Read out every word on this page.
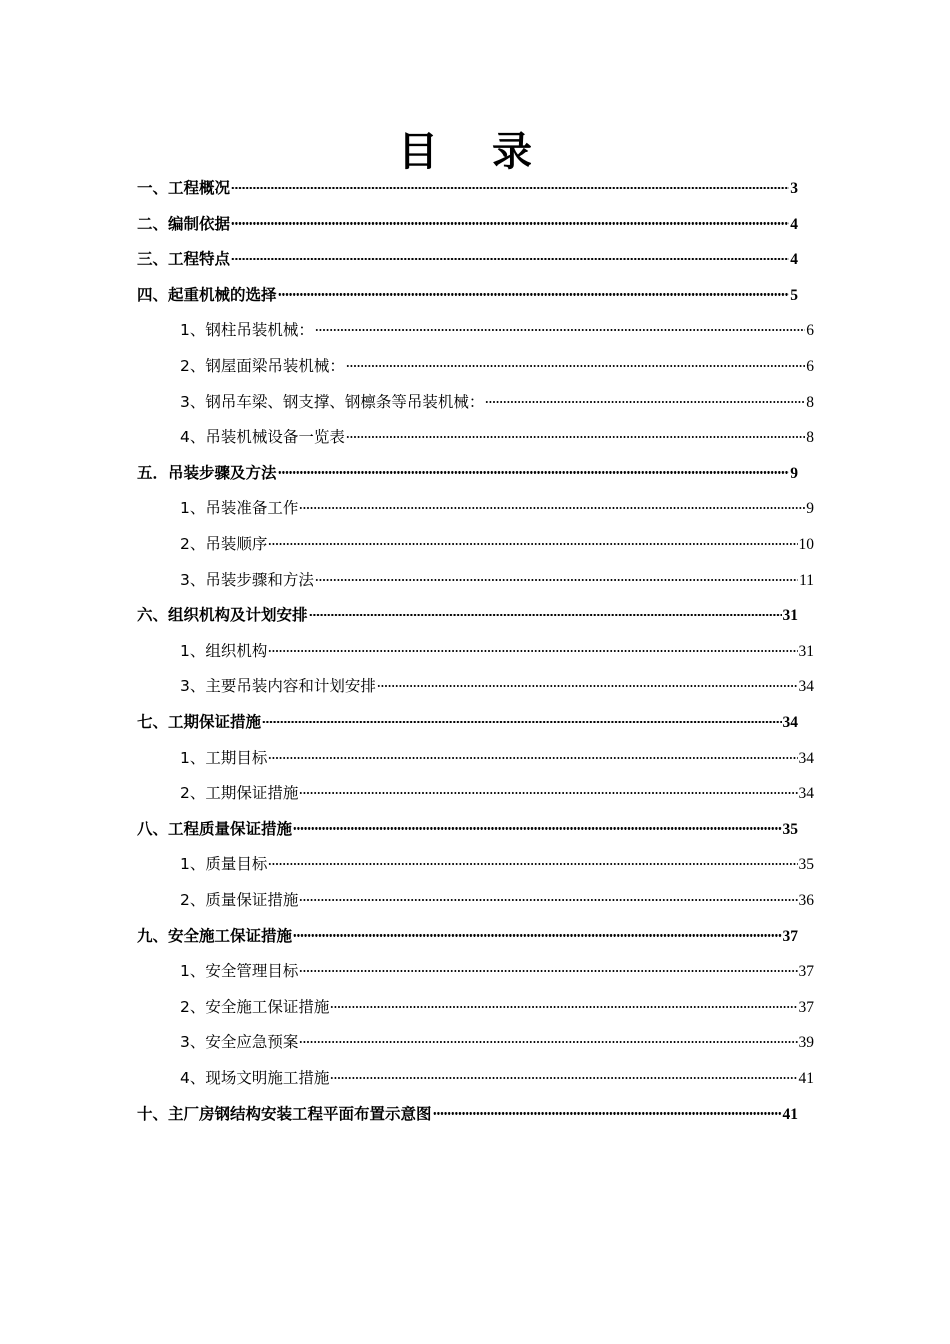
目 录
一、工程概况	3
二、编制依据	4
三、工程特点	4
四、起重机械的选择	5
1、钢柱吊装机械：	6
2、钢屋面梁吊装机械：	6
3、钢吊车梁、钢支撑、钢檩条等吊装机械：	8
4、吊装机械设备一览表	8
五．吊装步骤及方法	9
1、吊装准备工作	9
2、吊装顺序	10
3、吊装步骤和方法	11
六、组织机构及计划安排	31
1、组织机构	31
3、主要吊装内容和计划安排	34
七、工期保证措施	34
1、工期目标	34
2、工期保证措施	34
八、工程质量保证措施	35
1、质量目标	35
2、质量保证措施	36
九、安全施工保证措施	37
1、安全管理目标	37
2、安全施工保证措施	37
3、安全应急预案	39
4、现场文明施工措施	41
十、主厂房钢结构安装工程平面布置示意图	41
